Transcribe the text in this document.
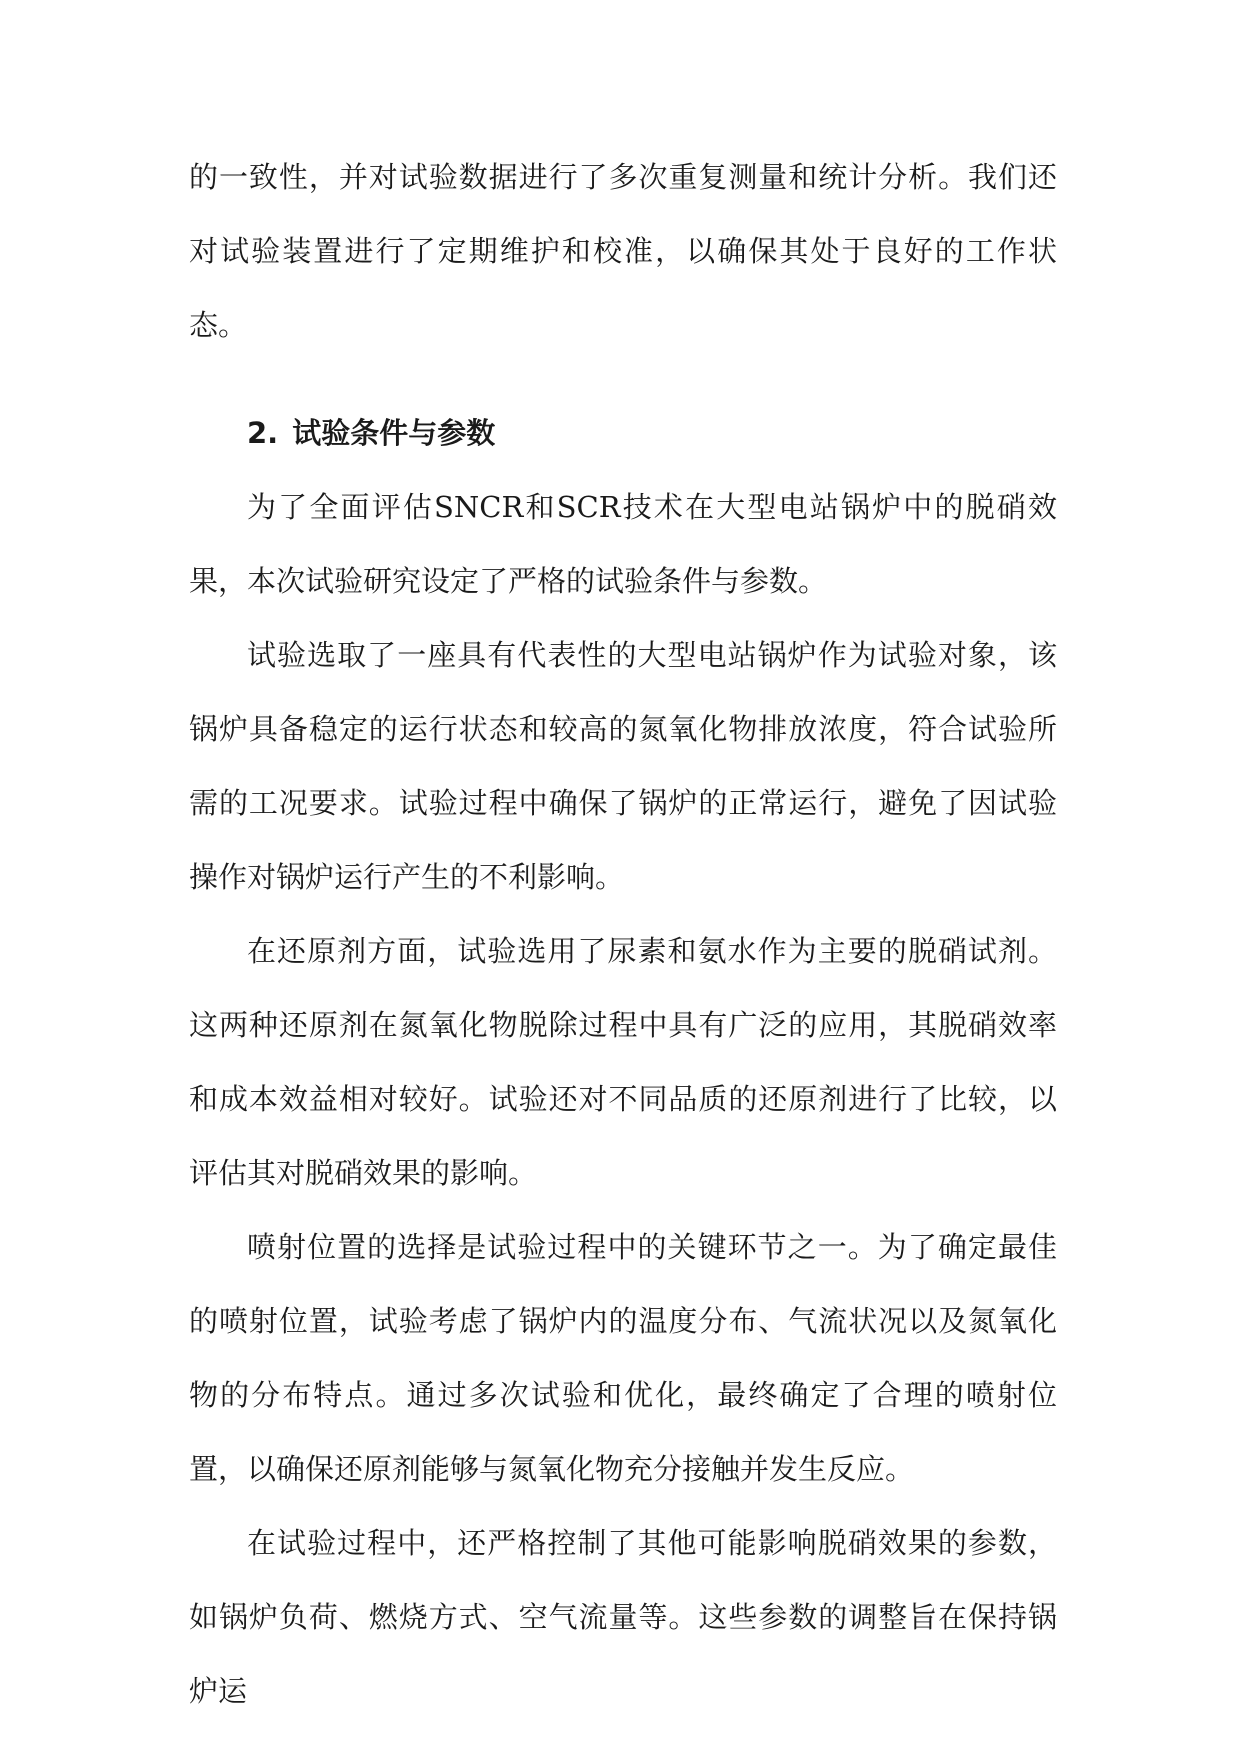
的一致性，并对试验数据进行了多次重复测量和统计分析。我们还对试验装置进行了定期维护和校准，以确保其处于良好的工作状态。

2. 试验条件与参数

为了全面评估SNCR和SCR技术在大型电站锅炉中的脱硝效果，本次试验研究设定了严格的试验条件与参数。

试验选取了一座具有代表性的大型电站锅炉作为试验对象，该锅炉具备稳定的运行状态和较高的氮氧化物排放浓度，符合试验所需的工况要求。试验过程中确保了锅炉的正常运行，避免了因试验操作对锅炉运行产生的不利影响。

在还原剂方面，试验选用了尿素和氨水作为主要的脱硝试剂。这两种还原剂在氮氧化物脱除过程中具有广泛的应用，其脱硝效率和成本效益相对较好。试验还对不同品质的还原剂进行了比较，以评估其对脱硝效果的影响。

喷射位置的选择是试验过程中的关键环节之一。为了确定最佳的喷射位置，试验考虑了锅炉内的温度分布、气流状况以及氮氧化物的分布特点。通过多次试验和优化，最终确定了合理的喷射位置，以确保还原剂能够与氮氧化物充分接触并发生反应。

在试验过程中，还严格控制了其他可能影响脱硝效果的参数，如锅炉负荷、燃烧方式、空气流量等。这些参数的调整旨在保持锅炉运
